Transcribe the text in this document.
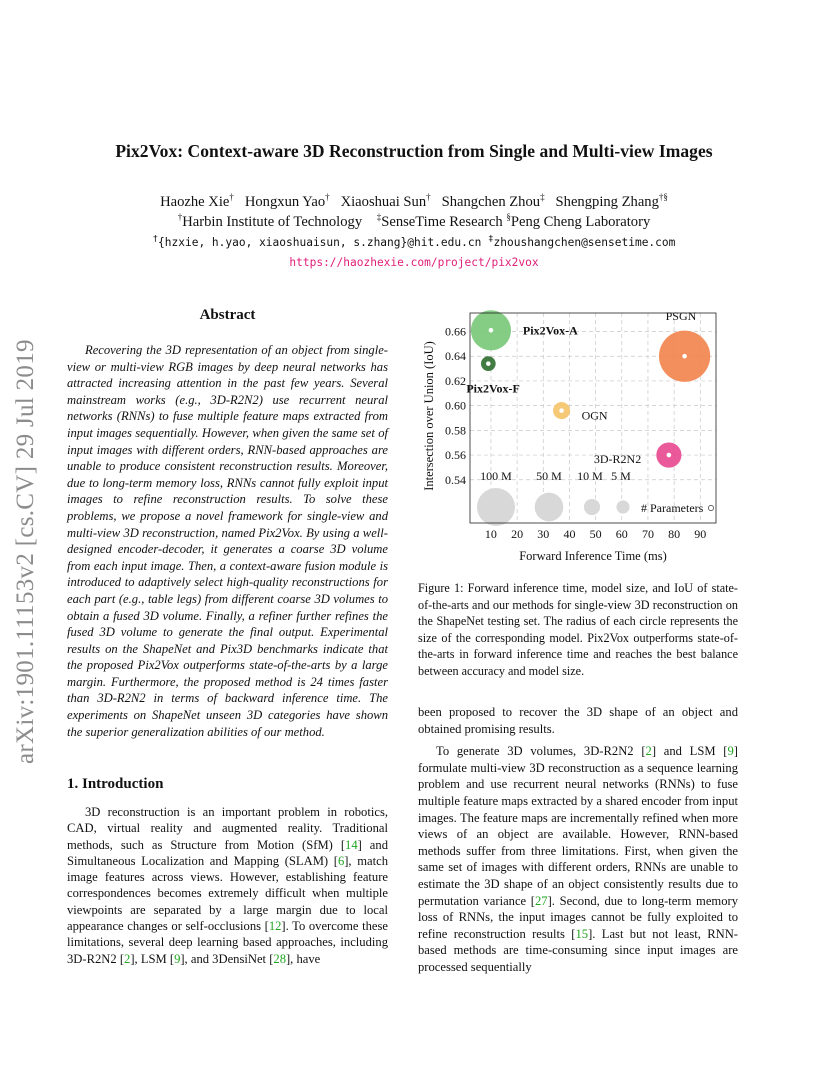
Pix2Vox: Context-aware 3D Reconstruction from Single and Multi-view Images
Haozhe Xie† Hongxun Yao† Xiaoshuai Sun† Shangchen Zhou‡ Shengping Zhang†§
†Harbin Institute of Technology ‡SenseTime Research §Peng Cheng Laboratory
†{hzxie, h.yao, xiaoshuaisun, s.zhang}@hit.edu.cn ‡zhoushangchen@sensetime.com
https://haozhexie.com/project/pix2vox
arXiv:1901.11153v2 [cs.CV] 29 Jul 2019
Abstract

Recovering the 3D representation of an object from single-view or multi-view RGB images by deep neural networks has attracted increasing attention in the past few years. Several mainstream works (e.g., 3D-R2N2) use recurrent neural networks (RNNs) to fuse multiple feature maps extracted from input images sequentially. However, when given the same set of input images with different orders, RNN-based approaches are unable to produce consistent reconstruction results. Moreover, due to long-term memory loss, RNNs cannot fully exploit input images to refine reconstruction results. To solve these problems, we propose a novel framework for single-view and multi-view 3D reconstruction, named Pix2Vox. By using a well-designed encoder-decoder, it generates a coarse 3D volume from each input image. Then, a context-aware fusion module is introduced to adaptively select high-quality reconstructions for each part (e.g., table legs) from different coarse 3D volumes to obtain a fused 3D volume. Finally, a refiner further refines the fused 3D volume to generate the final output. Experimental results on the ShapeNet and Pix3D benchmarks indicate that the proposed Pix2Vox outperforms state-of-the-arts by a large margin. Furthermore, the proposed method is 24 times faster than 3D-R2N2 in terms of backward inference time. The experiments on ShapeNet unseen 3D categories have shown the superior generalization abilities of our method.

1. Introduction

3D reconstruction is an important problem in robotics, CAD, virtual reality and augmented reality. Traditional methods, such as Structure from Motion (SfM) [14] and Simultaneous Localization and Mapping (SLAM) [6], match image features across views. However, establishing feature correspondences becomes extremely difficult when multiple viewpoints are separated by a large margin due to local appearance changes or self-occlusions [12]. To overcome these limitations, several deep learning based approaches, including 3D-R2N2 [2], LSM [9], and 3DensiNet [28], have

100 M 50 M 10 M 5 M
# Parameters
Pix2Vox-A
Pix2Vox-F
OGN
3D-R2N2
PSGN
10 20 30 40 50 60 70 80 90
0.54
0.56
0.58
0.60
0.62
0.64
0.66
Forward Inference Time (ms)
Intersection over Union (IoU)
Figure 1: Forward inference time, model size, and IoU of state-of-the-arts and our methods for single-view 3D reconstruction on the ShapeNet testing set. The radius of each circle represents the size of the corresponding model. Pix2Vox outperforms state-of-the-arts in forward inference time and reaches the best balance between accuracy and model size.

been proposed to recover the 3D shape of an object and obtained promising results.

To generate 3D volumes, 3D-R2N2 [2] and LSM [9] formulate multi-view 3D reconstruction as a sequence learning problem and use recurrent neural networks (RNNs) to fuse multiple feature maps extracted by a shared encoder from input images. The feature maps are incrementally refined when more views of an object are available. However, RNN-based methods suffer from three limitations. First, when given the same set of images with different orders, RNNs are unable to estimate the 3D shape of an object consistently results due to permutation variance [27]. Second, due to long-term memory loss of RNNs, the input images cannot be fully exploited to refine reconstruction results [15]. Last but not least, RNN-based methods are time-consuming since input images are processed sequentially
